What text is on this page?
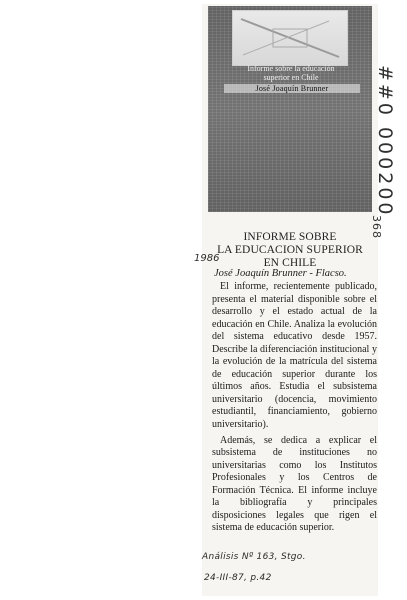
Informe sobre la educación
superior en Chile
José Joaquín Brunner
INFORME SOBRE
LA EDUCACION SUPERIOR
EN CHILE
1986
José Joaquín Brunner - Flacso.

El informe, recientemente publicado, presenta el material disponible sobre el desarrollo y el estado actual de la educación en Chile. Analiza la evolución del sistema educativo desde 1957. Describe la diferenciación institucional y la evolución de la matrícula del sistema de educación superior durante los últimos años. Estudia el subsistema universitario (docencia, movimiento estudiantil, financiamiento, gobierno universitario).

Además, se dedica a explicar el subsistema de instituciones no universitarias como los Institutos Profesionales y los Centros de Formación Técnica. El informe incluye la bibliografía y principales disposiciones legales que rigen el sistema de educación superior.

Análisis Nº 163, Stgo.
24-III-87, p.42
##0 000200
368
